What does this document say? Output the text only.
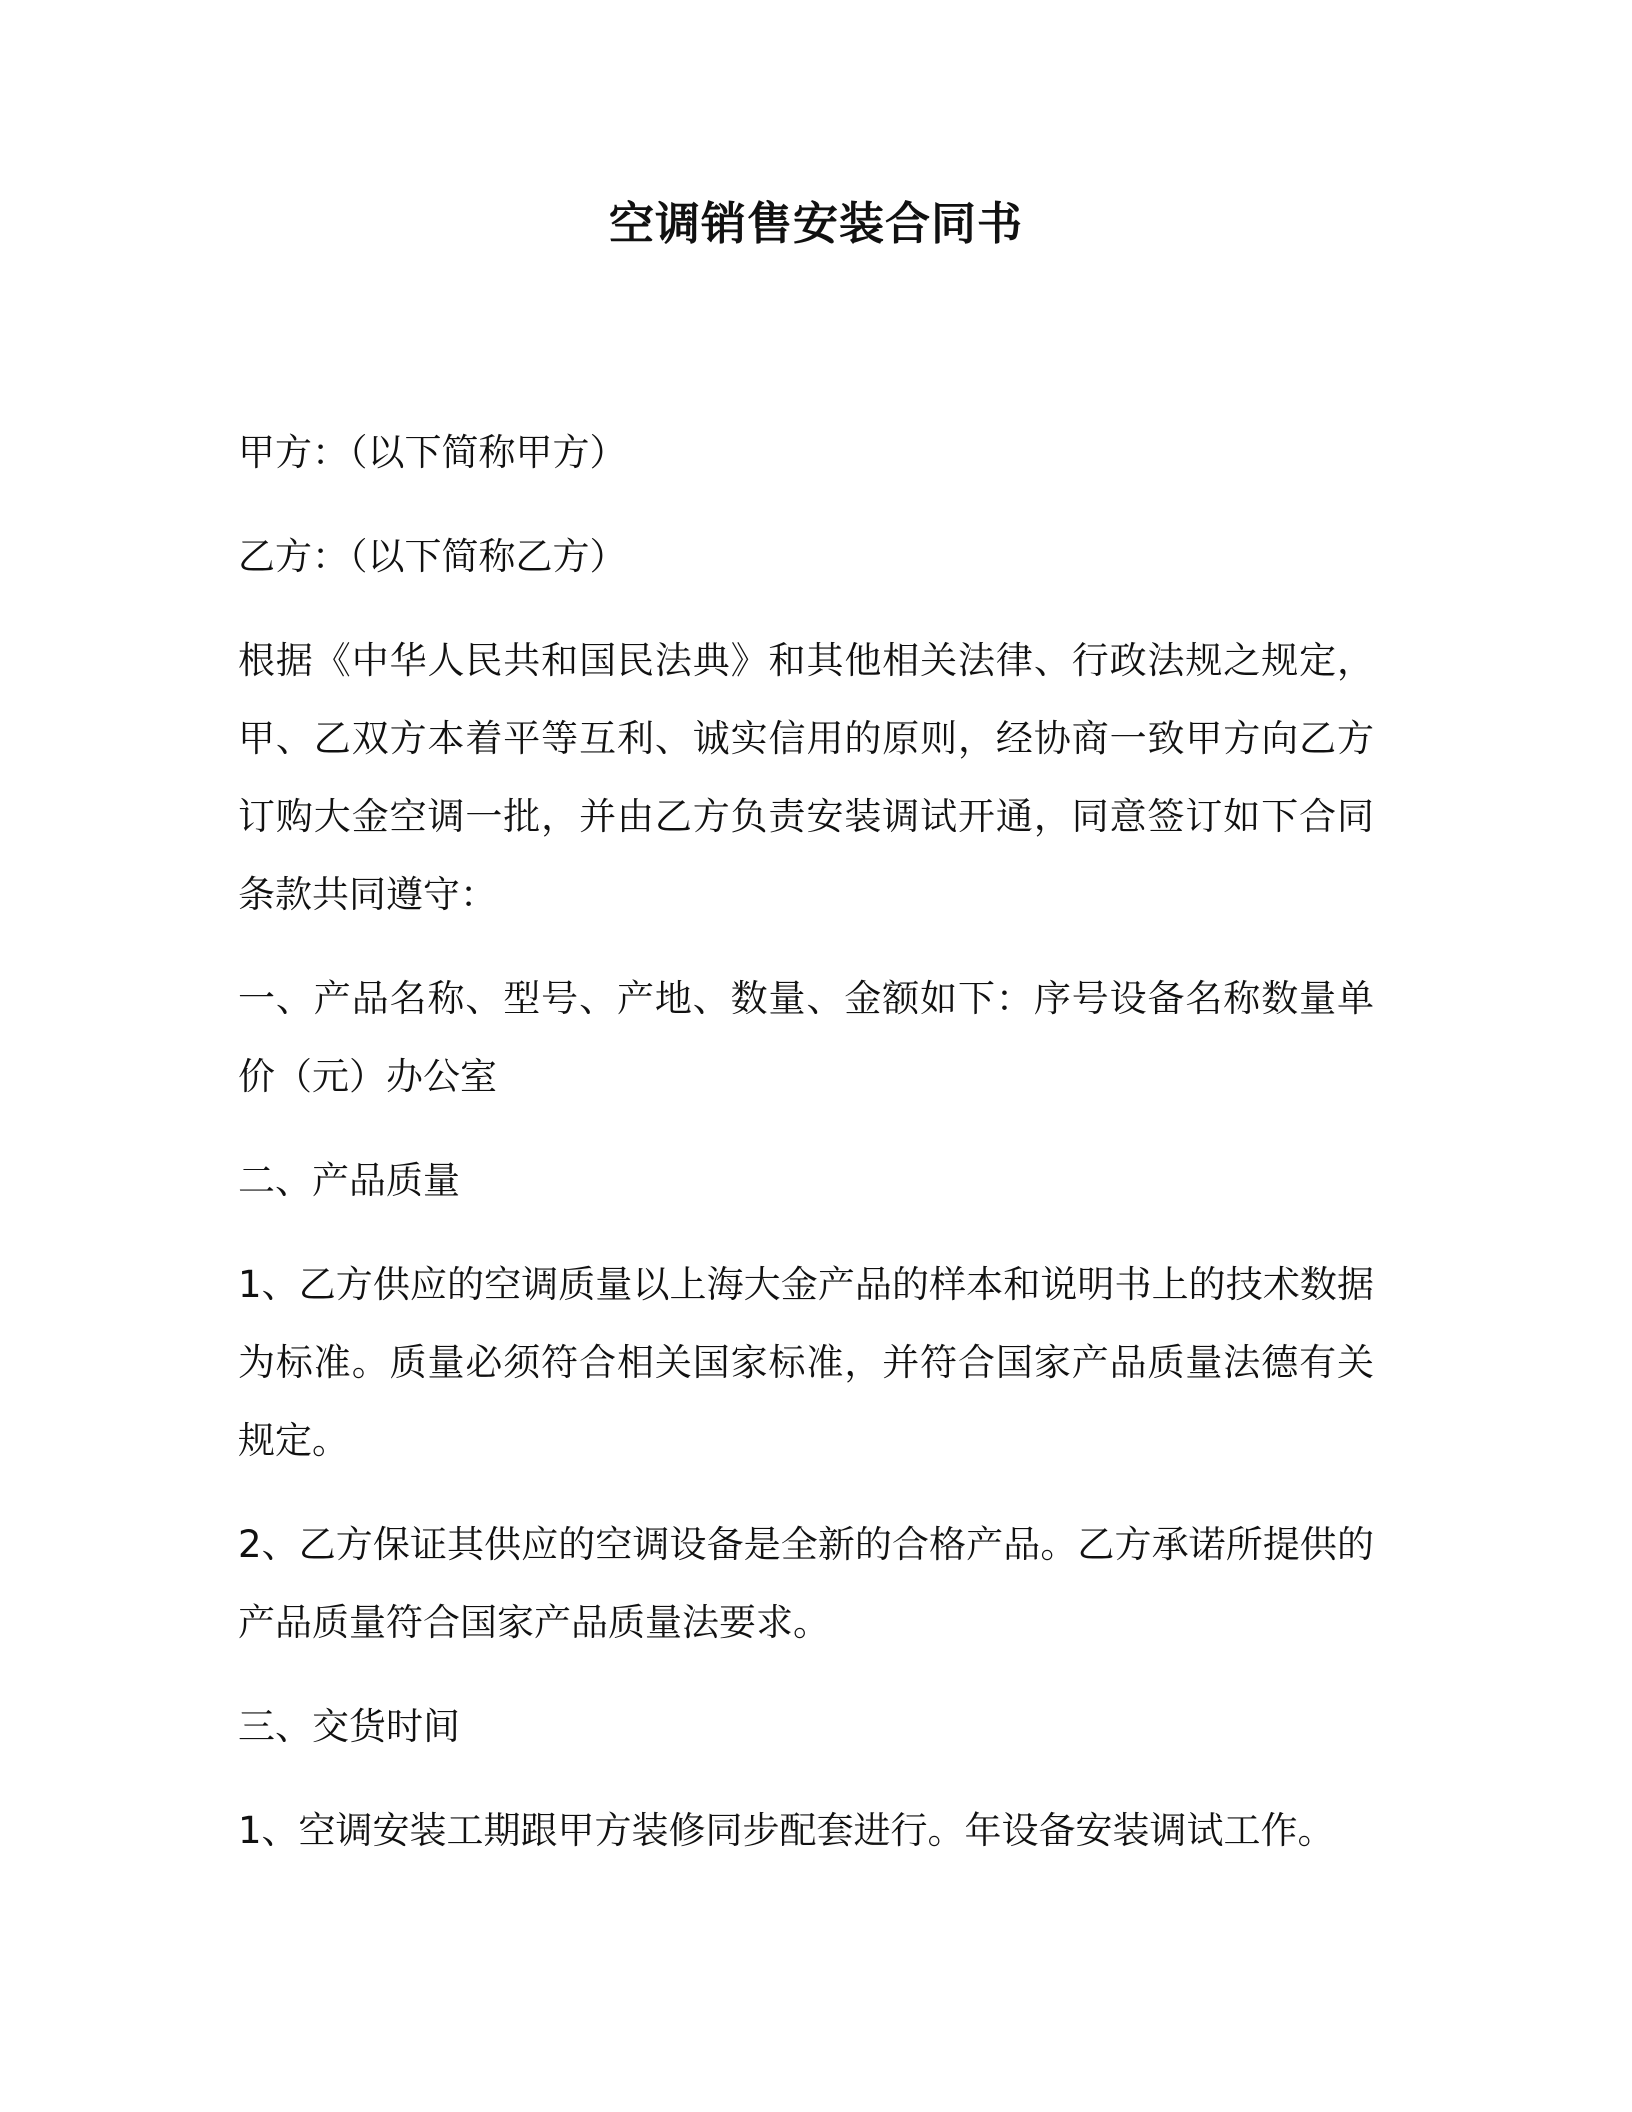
空调销售安装合同书

甲方：（以下简称甲方）

乙方：（以下简称乙方）

根据《中华人民共和国民法典》和其他相关法律、行政法规之规定，甲、乙双方本着平等互利、诚实信用的原则，经协商一致甲方向乙方订购大金空调一批，并由乙方负责安装调试开通，同意签订如下合同条款共同遵守：

一、产品名称、型号、产地、数量、金额如下：序号设备名称数量单价（元）办公室

二、产品质量

1、乙方供应的空调质量以上海大金产品的样本和说明书上的技术数据为标准。质量必须符合相关国家标准，并符合国家产品质量法德有关规定。

2、乙方保证其供应的空调设备是全新的合格产品。乙方承诺所提供的产品质量符合国家产品质量法要求。

三、交货时间

1、空调安装工期跟甲方装修同步配套进行。年设备安装调试工作。
